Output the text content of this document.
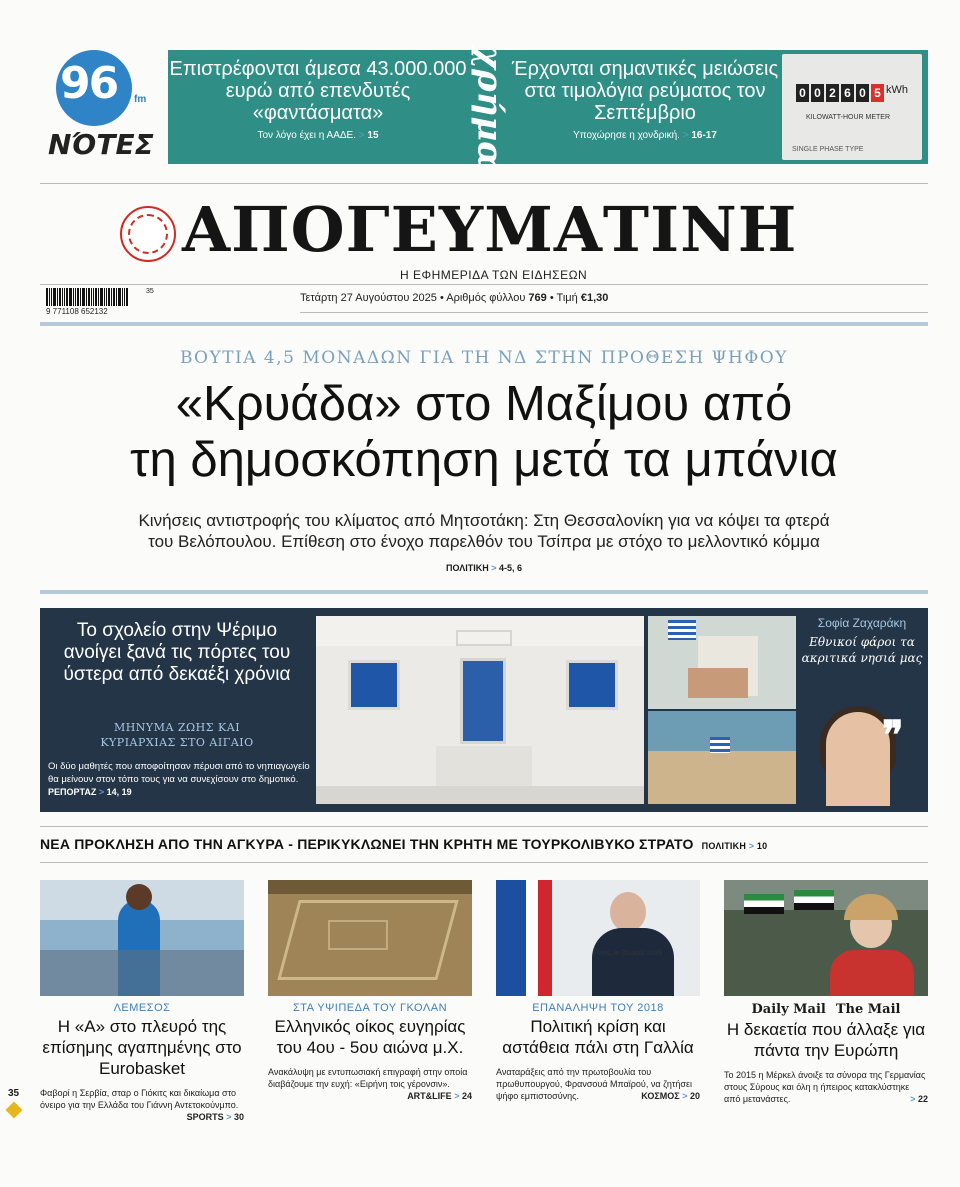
96 fm
ΝΌΤΕΣ
Επιστρέφονται άμεσα 43.000.000 ευρώ από επενδυτές «φαντάσματα»
Τον λόγο έχει η ΑΑΔΕ. > 15	χρήμα Έρχονται σημαντικές μειώσεις στα τιμολόγια ρεύματος τον Σεπτέμβριο
Υποχώρησε η χονδρική. > 16-17
0 0 2 6 0 5 kWh
KILOWATT-HOUR METER
SINGLE PHASE TYPE
ΑΠΟΓΕΥΜΑΤΙΝΗ
Η ΕΦΗΜΕΡΙΔΑ ΤΩΝ ΕΙΔΗΣΕΩΝ
9 771108 652132
35
Τετάρτη 27 Αυγούστου 2025 • Αριθμός φύλλου 769 • Τιμή €1,30
ΒΟΥΤΙΑ 4,5 ΜΟΝΑΔΩΝ ΓΙΑ ΤΗ ΝΔ ΣΤΗΝ ΠΡΟΘΕΣΗ ΨΗΦΟΥ
«Κρυάδα» στο Μαξίμου από
τη δημοσκόπηση μετά τα μπάνια
Κινήσεις αντιστροφής του κλίματος από Μητσοτάκη: Στη Θεσσαλονίκη για να κόψει τα φτερά
του Βελόπουλου. Επίθεση στο ένοχο παρελθόν του Τσίπρα με στόχο το μελλοντικό κόμμα
ΠΟΛΙΤΙΚΗ > 4-5, 6
Το σχολείο στην Ψέριμο ανοίγει ξανά τις πόρτες του ύστερα από δεκαέξι χρόνια
ΜΗΝΥΜΑ ΖΩΗΣ ΚΑΙ
ΚΥΡΙΑΡΧΙΑΣ ΣΤΟ ΑΙΓΑΙΟ
Οι δύο μαθητές που αποφοίτησαν πέρυσι από το νηπιαγωγείο θα μείνουν στον τόπο τους για να συνεχίσουν στο δημοτικό. ΡΕΠΟΡΤΑΖ > 14, 19
Σοφία Ζαχαράκη
Εθνικοί φάροι τα ακριτικά νησιά μας
❞
ΝΕΑ ΠΡΟΚΛΗΣΗ ΑΠΟ ΤΗΝ ΑΓΚΥΡΑ - ΠΕΡΙΚΥΚΛΩΝΕΙ ΤΗΝ ΚΡΗΤΗ ΜΕ ΤΟΥΡΚΟΛΙΒΥΚΟ ΣΤΡΑΤΟ ΠΟΛΙΤΙΚΗ > 10
ΛΕΜΕΣΟΣ
Η «Α» στο πλευρό της επίσημης αγαπημένης στο Eurobasket
Φαβορί η Σερβία, σταρ ο Γιόκιτς και δικαίωμα στο όνειρο για την Ελλάδα του Γιάννη Αντετοκούνμπο.
SPORTS > 30
ΣΤΑ ΥΨΙΠΕΔΑ ΤΟΥ ΓΚΟΛΑΝ
Ελληνικός οίκος ευγηρίας του 4ου - 5ου αιώνα μ.Χ.
Ανακάλυψη με εντυπωσιακή επιγραφή στην οποία διαβάζουμε την ευχή: «Ειρήνη τοις γέρονσιν».
ART&LIFE > 24
Paris, le 25 août 2025
ΕΠΑΝΑΛΗΨΗ ΤΟΥ 2018
Πολιτική κρίση και αστάθεια πάλι στη Γαλλία
Αναταράξεις από την πρωτοβουλία του πρωθυπουργού, Φρανσουά Μπαϊρού, να ζητήσει ψήφο εμπιστοσύνης.	ΚΟΣΜΟΣ > 20
Daily Mail The Mail
Η δεκαετία που άλλαξε για πάντα την Ευρώπη
Το 2015 η Μέρκελ άνοιξε τα σύνορα της Γερμανίας στους Σύρους και όλη η ήπειρος κατακλύστηκε από μετανάστες.	> 22
35
